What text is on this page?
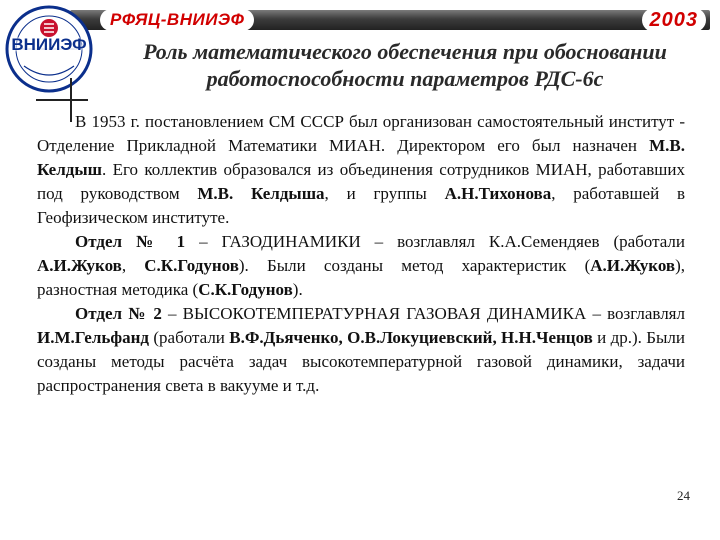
РФЯЦ-ВНИИЭФ	2003
ВНИИЭФ	Роль математического обеспечения при обосновании
работоспособности параметров РДС-6с

В 1953 г. постановлением СМ СССР был организован самостоятельный институт - Отделение Прикладной Математики МИАН. Директором его был назначен М.В. Келдыш. Его коллектив образовался из объединения сотрудников МИАН, работавших под руководством М.В. Келдыша, и группы А.Н.Тихонова, работавшей в Геофизическом институте.

Отдел № 1 – ГАЗОДИНАМИКИ – возглавлял К.А.Семендяев (работали А.И.Жуков, С.К.Годунов). Были созданы метод характеристик (А.И.Жуков), разностная методика (С.К.Годунов).

Отдел № 2 – ВЫСОКОТЕМПЕРАТУРНАЯ ГАЗОВАЯ ДИНАМИКА – возглавлял И.М.Гельфанд (работали В.Ф.Дьяченко, О.В.Локуциевский, Н.Н.Ченцов и др.). Были созданы методы расчёта задач высокотемпературной газовой динамики, задачи распространения света в вакууме и т.д.

24
